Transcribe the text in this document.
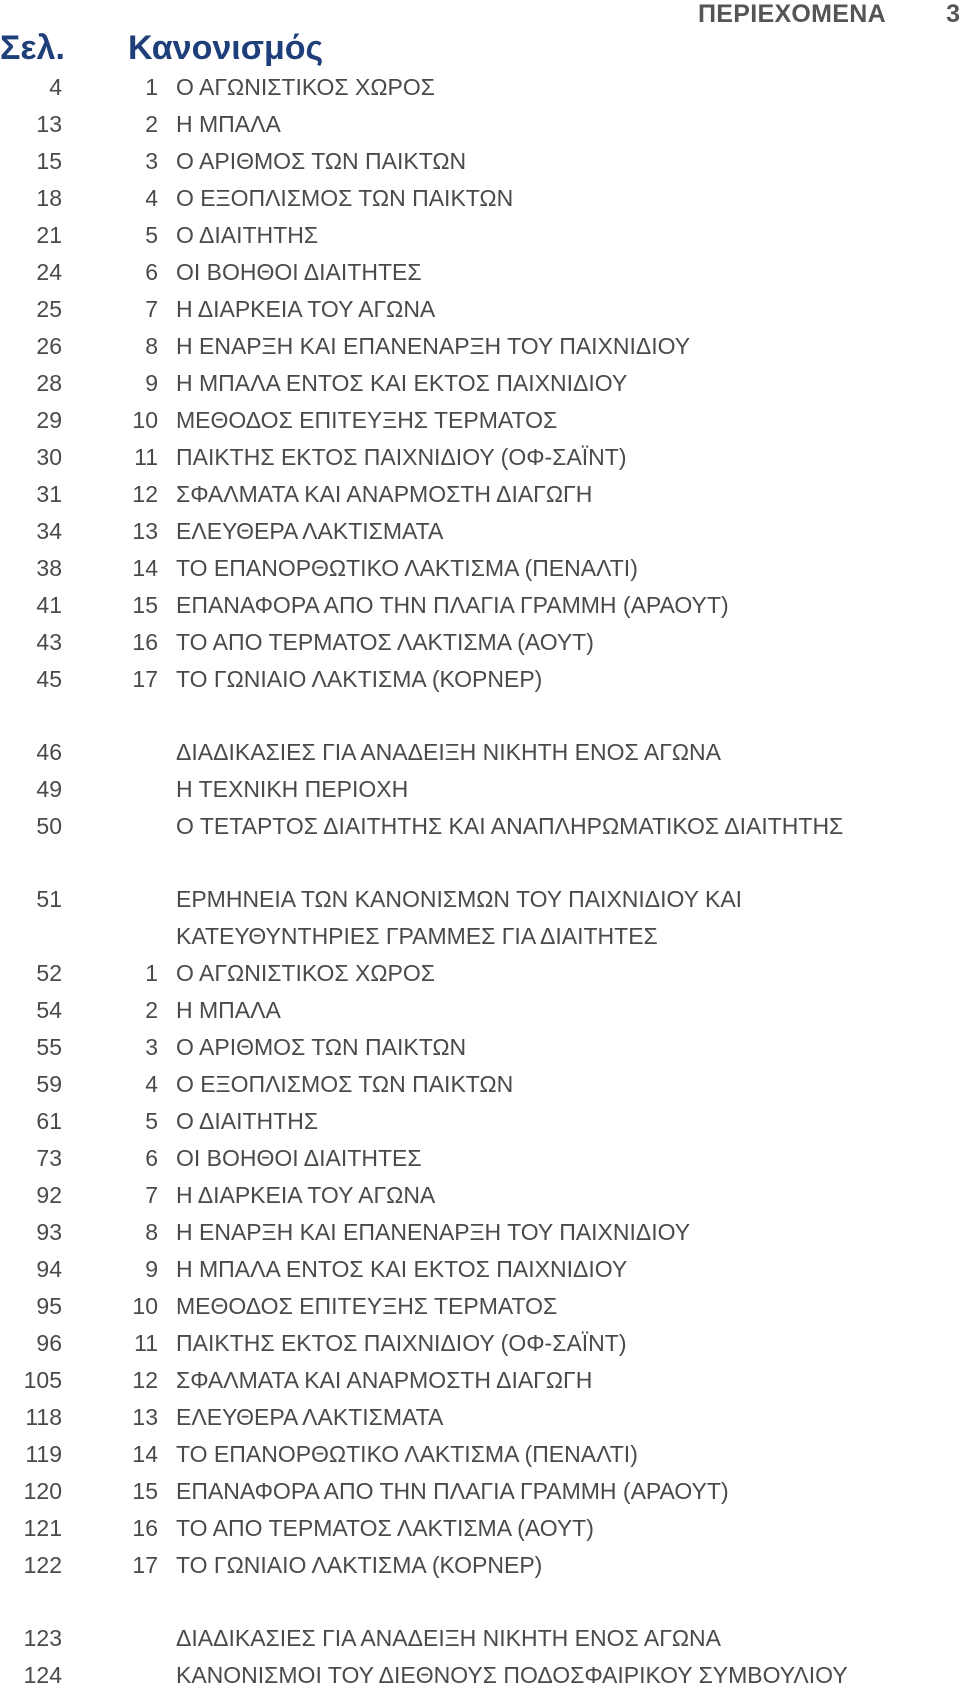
ΠΕΡΙΕΧΟΜΕΝΑ 3
Σελ. Κανονισμός
4	1 Ο ΑΓΩΝΙΣΤΙΚΟΣ ΧΩΡΟΣ
13	2 Η ΜΠΑΛΑ
15	3 Ο ΑΡΙΘΜΟΣ ΤΩΝ ΠΑΙΚΤΩΝ
18	4 Ο ΕΞΟΠΛΙΣΜΟΣ ΤΩΝ ΠΑΙΚΤΩΝ
21	5 Ο ΔΙΑΙΤΗΤΗΣ
24	6 ΟΙ ΒΟΗΘΟΙ ΔΙΑΙΤΗΤΕΣ
25	7 Η ΔΙΑΡΚΕΙΑ ΤΟΥ ΑΓΩΝΑ
26	8 Η ΕΝΑΡΞΗ ΚΑΙ ΕΠΑΝΕΝΑΡΞΗ ΤΟΥ ΠΑΙΧΝΙΔΙΟΥ
28	9 Η ΜΠΑΛΑ ΕΝΤΟΣ ΚΑΙ ΕΚΤΟΣ ΠΑΙΧΝΙΔΙΟΥ
29	10 ΜΕΘΟΔΟΣ ΕΠΙΤΕΥΞΗΣ ΤΕΡΜΑΤΟΣ
30	11 ΠΑΙΚΤΗΣ ΕΚΤΟΣ ΠΑΙΧΝΙΔΙΟΥ (ΟΦ-ΣΑΪΝΤ)
31	12 ΣΦΑΛΜΑΤΑ ΚΑΙ ΑΝΑΡΜΟΣΤΗ ΔΙΑΓΩΓΗ
34	13 ΕΛΕΥΘΕΡΑ ΛΑΚΤΙΣΜΑΤΑ
38	14 ΤΟ ΕΠΑΝΟΡΘΩΤΙΚΟ ΛΑΚΤΙΣΜΑ (ΠΕΝΑΛΤΙ)
41	15 ΕΠΑΝΑΦΟΡΑ ΑΠΟ ΤΗΝ ΠΛΑΓΙΑ ΓΡΑΜΜΗ (ΑΡΑΟΥΤ)
43	16 ΤΟ ΑΠΟ ΤΕΡΜΑΤΟΣ ΛΑΚΤΙΣΜΑ (ΑΟΥΤ)
45	17 ΤΟ ΓΩΝΙΑΙΟ ΛΑΚΤΙΣΜΑ (ΚΟΡΝΕΡ)
46	ΔΙΑΔΙΚΑΣΙΕΣ ΓΙΑ ΑΝΑΔΕΙΞΗ ΝΙΚΗΤΗ ΕΝΟΣ ΑΓΩΝΑ
49	Η ΤΕΧΝΙΚΗ ΠΕΡΙΟΧΗ
50	Ο ΤΕΤΑΡΤΟΣ ΔΙΑΙΤΗΤΗΣ ΚΑΙ ΑΝΑΠΛΗΡΩΜΑΤΙΚΟΣ ΔΙΑΙΤΗΤΗΣ
51	ΕΡΜΗΝΕΙΑ ΤΩΝ ΚΑΝΟΝΙΣΜΩΝ ΤΟΥ ΠΑΙΧΝΙΔΙΟΥ ΚΑΙ
ΚΑΤΕΥΘΥΝΤΗΡΙΕΣ ΓΡΑΜΜΕΣ ΓΙΑ ΔΙΑΙΤΗΤΕΣ
52	1 Ο ΑΓΩΝΙΣΤΙΚΟΣ ΧΩΡΟΣ
54	2 Η ΜΠΑΛΑ
55	3 Ο ΑΡΙΘΜΟΣ ΤΩΝ ΠΑΙΚΤΩΝ
59	4 Ο ΕΞΟΠΛΙΣΜΟΣ ΤΩΝ ΠΑΙΚΤΩΝ
61	5 Ο ΔΙΑΙΤΗΤΗΣ
73	6 ΟΙ ΒΟΗΘΟΙ ΔΙΑΙΤΗΤΕΣ
92	7 Η ΔΙΑΡΚΕΙΑ ΤΟΥ ΑΓΩΝΑ
93	8 Η ΕΝΑΡΞΗ ΚΑΙ ΕΠΑΝΕΝΑΡΞΗ ΤΟΥ ΠΑΙΧΝΙΔΙΟΥ
94	9 Η ΜΠΑΛΑ ΕΝΤΟΣ ΚΑΙ ΕΚΤΟΣ ΠΑΙΧΝΙΔΙΟΥ
95	10 ΜΕΘΟΔΟΣ ΕΠΙΤΕΥΞΗΣ ΤΕΡΜΑΤΟΣ
96	11 ΠΑΙΚΤΗΣ ΕΚΤΟΣ ΠΑΙΧΝΙΔΙΟΥ (ΟΦ-ΣΑΪΝΤ)
105	12 ΣΦΑΛΜΑΤΑ ΚΑΙ ΑΝΑΡΜΟΣΤΗ ΔΙΑΓΩΓΗ
118	13 ΕΛΕΥΘΕΡΑ ΛΑΚΤΙΣΜΑΤΑ
119	14 ΤΟ ΕΠΑΝΟΡΘΩΤΙΚΟ ΛΑΚΤΙΣΜΑ (ΠΕΝΑΛΤΙ)
120	15 ΕΠΑΝΑΦΟΡΑ ΑΠΟ ΤΗΝ ΠΛΑΓΙΑ ΓΡΑΜΜΗ (ΑΡΑΟΥΤ)
121	16 ΤΟ ΑΠΟ ΤΕΡΜΑΤΟΣ ΛΑΚΤΙΣΜΑ (ΑΟΥΤ)
122	17 ΤΟ ΓΩΝΙΑΙΟ ΛΑΚΤΙΣΜΑ (ΚΟΡΝΕΡ)
123	ΔΙΑΔΙΚΑΣΙΕΣ ΓΙΑ ΑΝΑΔΕΙΞΗ ΝΙΚΗΤΗ ΕΝΟΣ ΑΓΩΝΑ
124	ΚΑΝΟΝΙΣΜΟΙ ΤΟΥ ΔΙΕΘΝΟΥΣ ΠΟΔΟΣΦΑΙΡΙΚΟΥ ΣΥΜΒΟΥΛΙΟΥ
